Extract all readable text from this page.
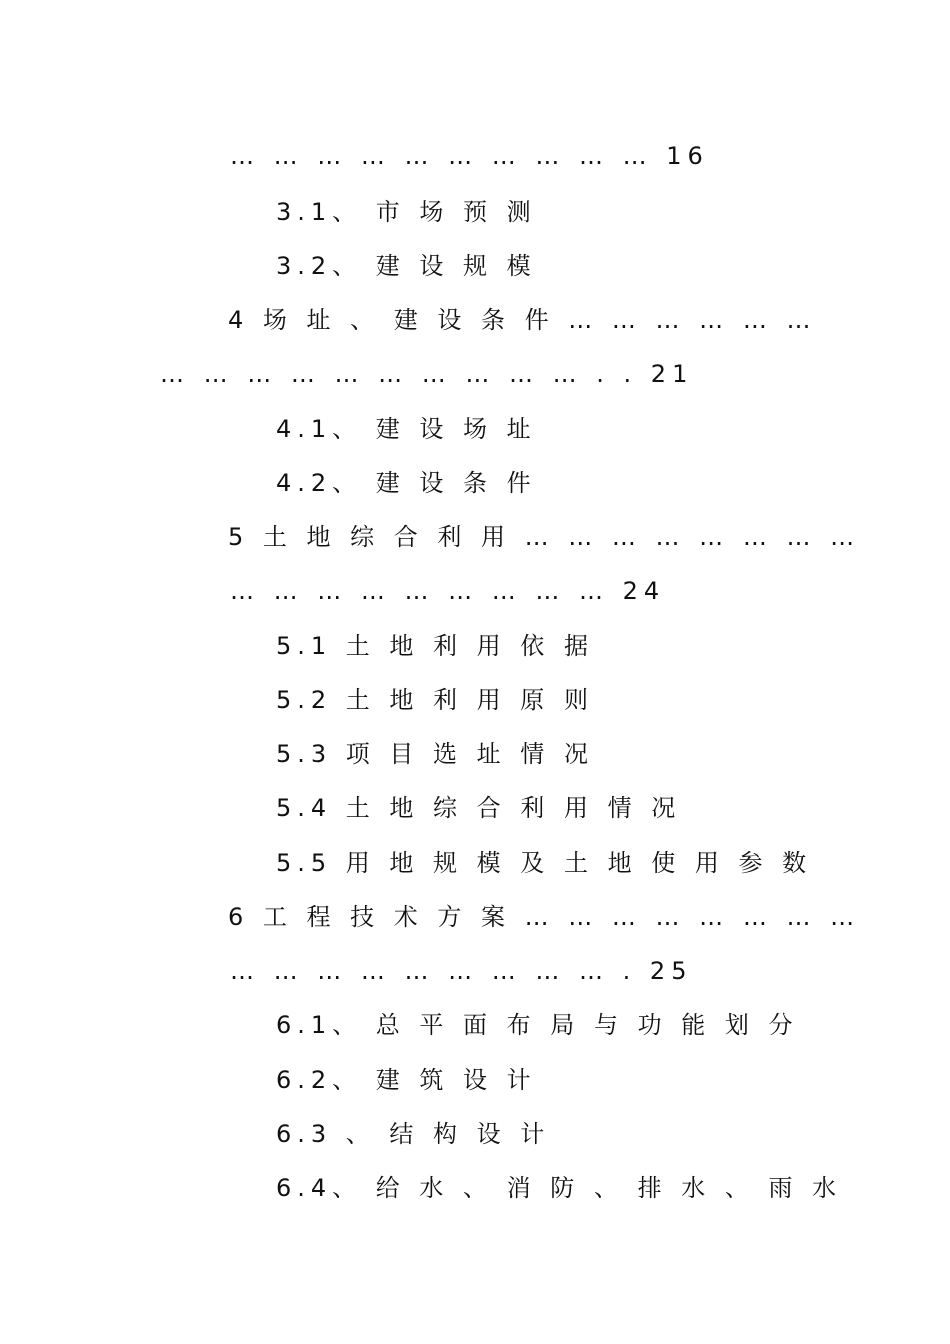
… … … … … … … … … … 16
3.1、 市 场 预 测
3.2、 建 设 规 模
4 场 址 、 建 设 条 件 … … … … … …
… … … … … … … … … … . . 21
4.1、 建 设 场 址
4.2、 建 设 条 件
5 土 地 综 合 利 用 … … … … … … … …
… … … … … … … … … 24
5.1 土 地 利 用 依 据
5.2 土 地 利 用 原 则
5.3 项 目 选 址 情 况
5.4 土 地 综 合 利 用 情 况
5.5 用 地 规 模 及 土 地 使 用 参 数
6 工 程 技 术 方 案 … … … … … … … …
… … … … … … … … … . 25
6.1、 总 平 面 布 局 与 功 能 划 分
6.2、 建 筑 设 计
6.3 、 结 构 设 计
6.4、 给 水 、 消 防 、 排 水 、 雨 水
